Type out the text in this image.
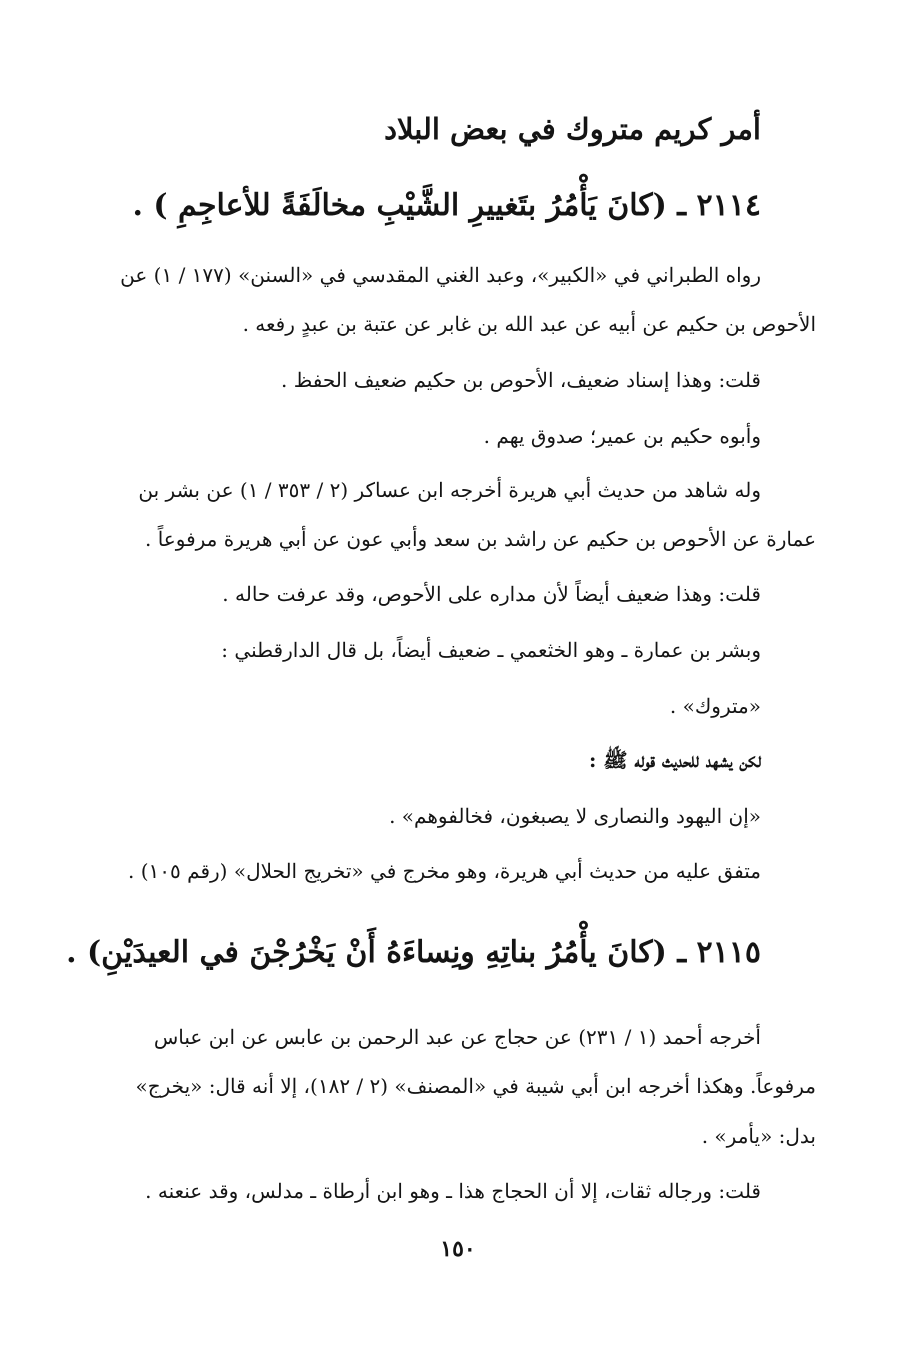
أمر كريم متروك في بعض البلاد
٢١١٤ ـ (كانَ يَأْمُرُ بتَغييرِ الشَّيْبِ مخالَفَةً للأعاجِمِ ) .
رواه الطبراني في «الكبير»، وعبد الغني المقدسي في «السنن» (١٧٧ / ١) عن
الأحوص بن حكيم عن أبيه عن عبد الله بن غابر عن عتبة بن عبدٍ رفعه .
قلت: وهذا إسناد ضعيف، الأحوص بن حكيم ضعيف الحفظ .
وأبوه حكيم بن عمير؛ صدوق يهم .
وله شاهد من حديث أبي هريرة أخرجه ابن عساكر (٢ / ٣٥٣ / ١) عن بشر بن
عمارة عن الأحوص بن حكيم عن راشد بن سعد وأبي عون عن أبي هريرة مرفوعاً .
قلت: وهذا ضعيف أيضاً لأن مداره على الأحوص، وقد عرفت حاله .
وبشر بن عمارة ـ وهو الخثعمي ـ ضعيف أيضاً، بل قال الدارقطني :
«متروك» .
لكن يشهد للحديث قوله ﷺ :
«إن اليهود والنصارى لا يصبغون، فخالفوهم» .
متفق عليه من حديث أبي هريرة، وهو مخرج في «تخريج الحلال» (رقم ١٠٥) .
٢١١٥ ـ (كانَ يأْمُرُ بناتِهِ ونِساءَهُ أَنْ يَخْرُجْنَ في العيدَيْنِ) .
أخرجه أحمد (١ / ٢٣١) عن حجاج عن عبد الرحمن بن عابس عن ابن عباس
مرفوعاً. وهكذا أخرجه ابن أبي شيبة في «المصنف» (٢ / ١٨٢)، إلا أنه قال: «يخرج»
بدل: «يأمر» .
قلت: ورجاله ثقات، إلا أن الحجاج هذا ـ وهو ابن أرطاة ـ مدلس، وقد عنعنه .
١٥٠
